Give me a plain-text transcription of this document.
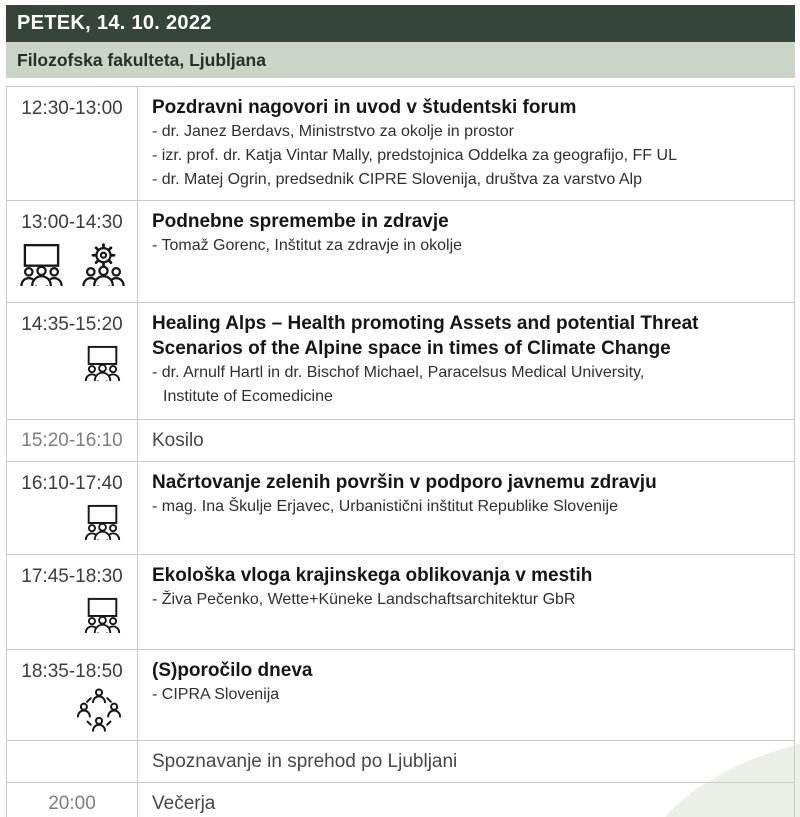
PETEK, 14. 10. 2022
Filozofska fakulteta, Ljubljana
12:30-13:00 Pozdravni nagovori in uvod v študentski forum
- dr. Janez Berdavs, Ministrstvo za okolje in prostor
- izr. prof. dr. Katja Vintar Mally, predstojnica Oddelka za geografijo, FF UL
- dr. Matej Ogrin, predsednik CIPRE Slovenija, društva za varstvo Alp
13:00-14:30 Podnebne spremembe in zdravje
- Tomaž Gorenc, Inštitut za zdravje in okolje
14:35-15:20 Healing Alps – Health promoting Assets and potential Threat Scenarios of the Alpine space in times of Climate Change
- dr. Arnulf Hartl in dr. Bischof Michael, Paracelsus Medical University,
Institute of Ecomedicine
15:20-16:10 Kosilo
16:10-17:40 Načrtovanje zelenih površin v podporo javnemu zdravju
- mag. Ina Škulje Erjavec, Urbanistični inštitut Republike Slovenije
17:45-18:30 Ekološka vloga krajinskega oblikovanja v mestih
- Živa Pečenko, Wette+Küneke Landschaftsarchitektur GbR
18:35-18:50 (S)poročilo dneva
- CIPRA Slovenija
Spoznavanje in sprehod po Ljubljani
20:00	Večerja
